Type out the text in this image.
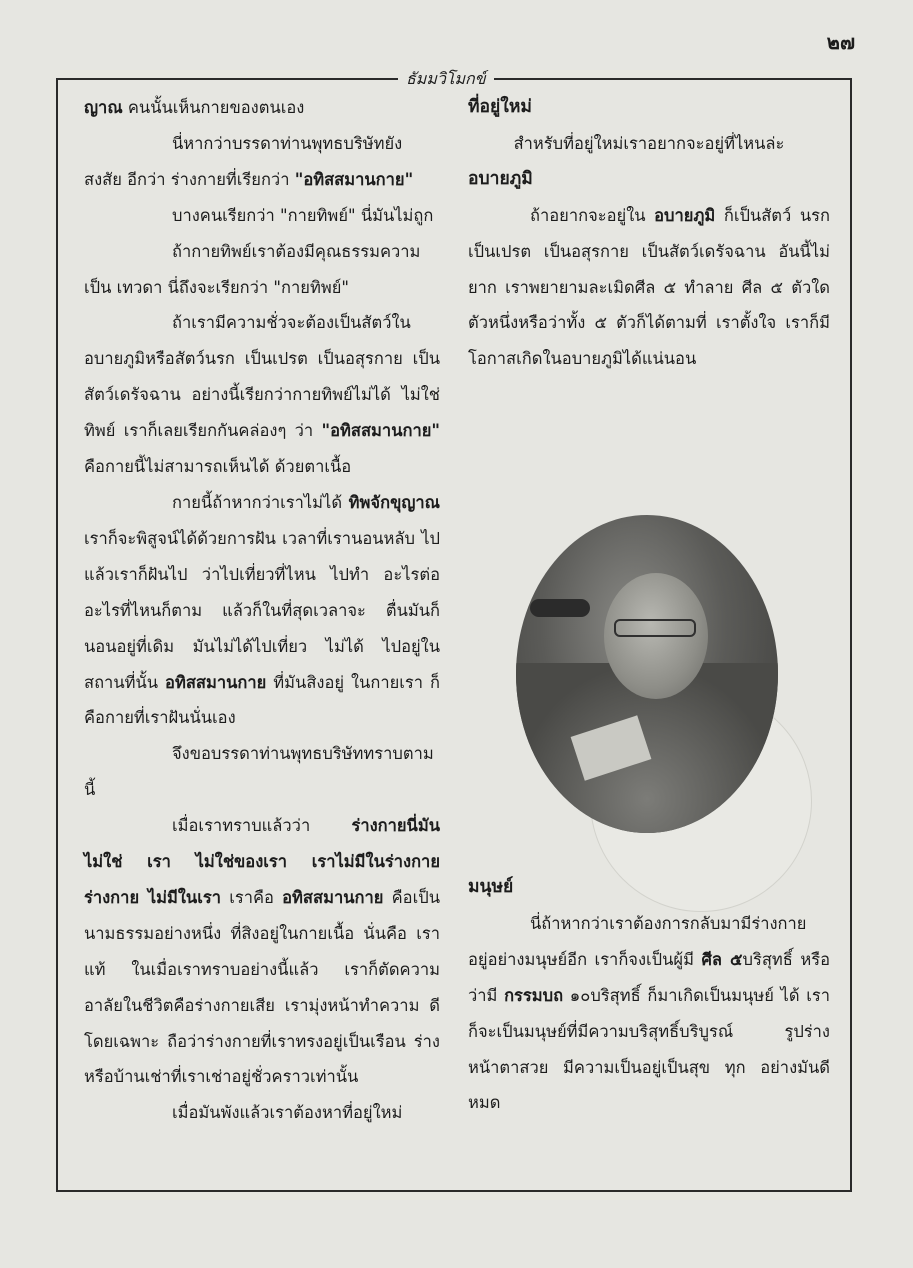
๒๗
ธัมมวิโมกข์

ญาณ คนนั้นเห็นกายของตนเอง

นี่หากว่าบรรดาท่านพุทธบริษัทยังสงสัย อีกว่า ร่างกายที่เรียกว่า "อทิสสมานกาย"

บางคนเรียกว่า "กายทิพย์" นี่มันไม่ถูก

ถ้ากายทิพย์เราต้องมีคุณธรรมความเป็น เทวดา นี่ถึงจะเรียกว่า "กายทิพย์"

ถ้าเรามีความชั่วจะต้องเป็นสัตว์ใน อบายภูมิหรือสัตว์นรก เป็นเปรต เป็นอสุรกาย เป็นสัตว์เดรัจฉาน อย่างนี้เรียกว่ากายทิพย์ไม่ได้ ไม่ใช่ทิพย์ เราก็เลยเรียกกันคล่องๆ ว่า "อทิสสมานกาย" คือกายนี้ไม่สามารถเห็นได้ ด้วยตาเนื้อ

กายนี้ถ้าหากว่าเราไม่ได้ ทิพจักขุญาณ เราก็จะพิสูจน์ได้ด้วยการฝัน เวลาที่เรานอนหลับ ไป แล้วเราก็ฝันไป ว่าไปเที่ยวที่ไหน ไปทำ อะไรต่ออะไรที่ไหนก็ตาม แล้วก็ในที่สุดเวลาจะ ตื่นมันก็นอนอยู่ที่เดิม มันไม่ได้ไปเที่ยว ไม่ได้ ไปอยู่ในสถานที่นั้น อทิสสมานกาย ที่มันสิงอยู่ ในกายเรา ก็คือกายที่เราฝันนั่นเอง

จึงขอบรรดาท่านพุทธบริษัททราบตามนี้

เมื่อเราทราบแล้วว่า ร่างกายนี่มันไม่ใช่ เรา ไม่ใช่ของเรา เราไม่มีในร่างกาย ร่างกาย ไม่มีในเรา เราคือ อทิสสมานกาย คือเป็น นามธรรมอย่างหนึ่ง ที่สิงอยู่ในกายเนื้อ นั่นคือ เราแท้ ในเมื่อเราทราบอย่างนี้แล้ว เราก็ตัดความ อาลัยในชีวิตคือร่างกายเสีย เรามุ่งหน้าทำความ ดีโดยเฉพาะ ถือว่าร่างกายที่เราทรงอยู่เป็นเรือน ร่าง หรือบ้านเช่าที่เราเช่าอยู่ชั่วคราวเท่านั้น

เมื่อมันพังแล้วเราต้องหาที่อยู่ใหม่

ที่อยู่ใหม่

สำหรับที่อยู่ใหม่เราอยากจะอยู่ที่ไหนล่ะ

อบายภูมิ

ถ้าอยากจะอยู่ใน อบายภูมิ ก็เป็นสัตว์ นรก เป็นเปรต เป็นอสุรกาย เป็นสัตว์เดรัจฉาน อันนี้ไม่ยาก เราพยายามละเมิดศีล ๕ ทำลาย ศีล ๕ ตัวใดตัวหนึ่งหรือว่าทั้ง ๕ ตัวก็ได้ตามที่ เราตั้งใจ เราก็มีโอกาสเกิดในอบายภูมิได้แน่นอน

มนุษย์

นี่ถ้าหากว่าเราต้องการกลับมามีร่างกาย อยู่อย่างมนุษย์อีก เราก็จงเป็นผู้มี ศีล ๕บริสุทธิ์ หรือว่ามี กรรมบถ ๑๐บริสุทธิ์ ก็มาเกิดเป็นมนุษย์ ได้ เราก็จะเป็นมนุษย์ที่มีความบริสุทธิ์บริบูรณ์ รูปร่างหน้าตาสวย มีความเป็นอยู่เป็นสุข ทุก อย่างมันดีหมด
